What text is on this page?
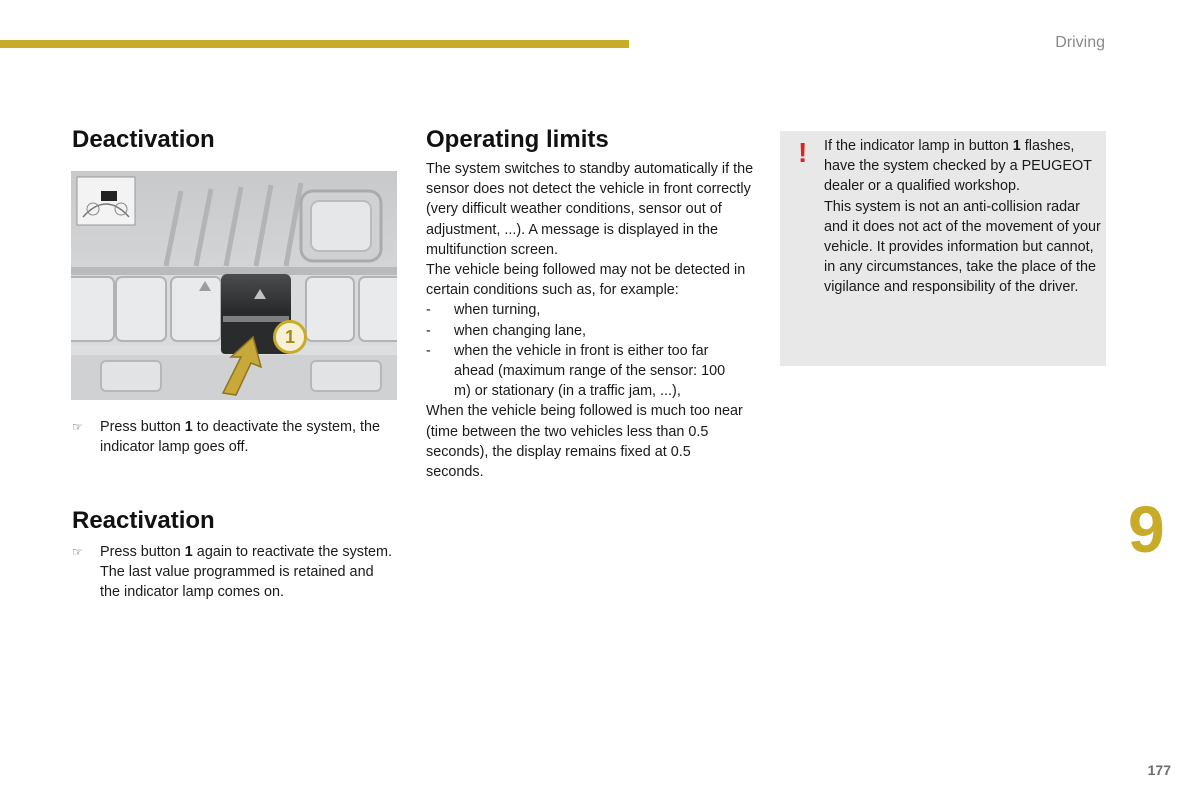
Driving
Deactivation
1
☞ Press button 1 to deactivate the system, the indicator lamp goes off.
Reactivation
☞ Press button 1 again to reactivate the system.
The last value programmed is retained and the indicator lamp comes on.
Operating limits
The system switches to standby automatically if the sensor does not detect the vehicle in front correctly (very difficult weather conditions, sensor out of adjustment, ...). A message is displayed in the multifunction screen.
The vehicle being followed may not be detected in certain conditions such as, for example:
- when turning,
- when changing lane,
- when the vehicle in front is either too far ahead (maximum range of the sensor: 100 m) or stationary (in a traffic jam, ...),
When the vehicle being followed is much too near (time between the two vehicles less than 0.5 seconds), the display remains fixed at 0.5 seconds.
! If the indicator lamp in button 1 flashes, have the system checked by a PEUGEOT dealer or a qualified workshop.
This system is not an anti-collision radar and it does not act of the movement of your vehicle. It provides information but cannot, in any circumstances, take the place of the vigilance and responsibility of the driver.
9
177
